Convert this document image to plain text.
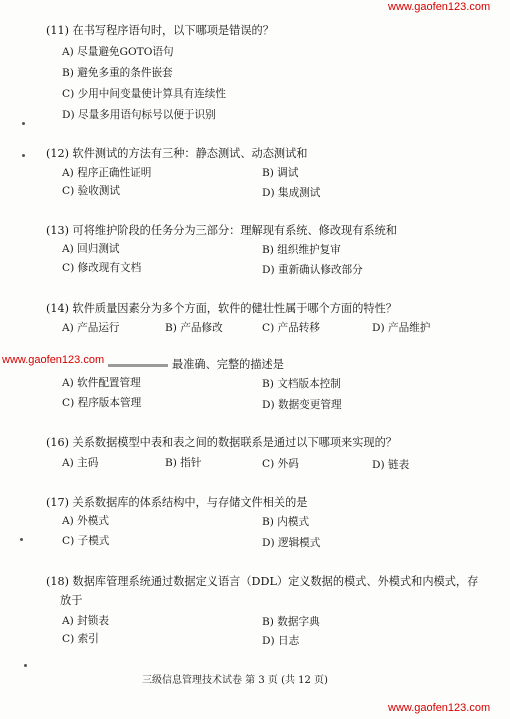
www.gaofen123.com
www.gaofen123.com
www.gaofen123.com
(11) 在书写程序语句时，以下哪项是错误的？
A) 尽量避免GOTO语句
B) 避免多重的条件嵌套
C) 少用中间变量使计算具有连续性
D) 尽量多用语句标号以便于识别
(12) 软件测试的方法有三种：静态测试、动态测试和
A) 程序正确性证明	B) 调试
C) 验收测试	D) 集成测试
(13) 可将维护阶段的任务分为三部分：理解现有系统、修改现有系统和
A) 回归测试	B) 组织维护复审
C) 修改现有文档	D) 重新确认修改部分
(14) 软件质量因素分为多个方面，软件的健壮性属于哪个方面的特性？
A) 产品运行	B) 产品修改	C) 产品转移	D) 产品维护
最准确、完整的描述是
A) 软件配置管理	B) 文档版本控制
C) 程序版本管理	D) 数据变更管理
(16) 关系数据模型中表和表之间的数据联系是通过以下哪项来实现的？
A) 主码	B) 指针	C) 外码	D) 链表
(17) 关系数据库的体系结构中，与存储文件相关的是
A) 外模式	B) 内模式
C) 子模式	D) 逻辑模式
(18) 数据库管理系统通过数据定义语言（DDL）定义数据的模式、外模式和内模式，存
放于
A) 封锁表	B) 数据字典
C) 索引	D) 日志
三级信息管理技术试卷 第 3 页 (共 12 页)
